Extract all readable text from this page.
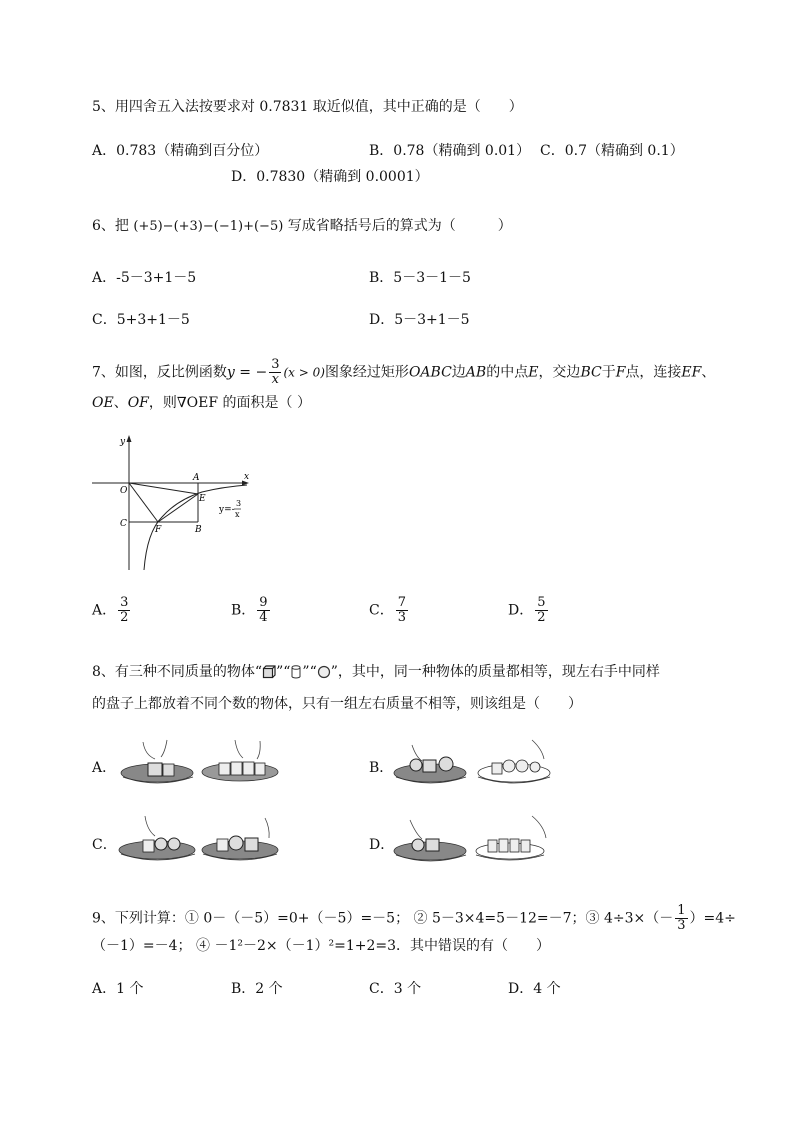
5、用四舍五入法按要求对 0.7831 取近似值，其中正确的是（　　）
A．0.783（精确到百分位）	B．0.78（精确到 0.01） C．0.7（精确到 0.1）
D．0.7830（精确到 0.0001）
6、把 (+5)−(+3)−(−1)+(−5) 写成省略括号后的算式为（　　　）
A．-5－3+1－5	B．5－3－1－5
C．5+3+1－5	D．5－3+1－5
7、如图，反比例函数y = − $\frac{3}{x} (x > 0)$图象经过矩形OABC边AB的中点E，交边BC于F点，连接EF、
OE、OF，则∇OEF 的面积是（ ）
y
x
O
A
E
C
F	B
y=-
3
x
A． $\frac{3}{2}$	B． $\frac{9}{4}$	C． $\frac{7}{3}$	D． $\frac{5}{2}$
8、有三种不同质量的物体“ ”“ ”“ ”，其中，同一种物体的质量都相等，现左右手中同样
的盘子上都放着不同个数的物体，只有一组左右质量不相等，则该组是（　　）
A．	B．
C．	D．
9、下列计算：① 0－（－5）=0+（－5）=－5； ② 5－3×4=5－12=－7；③ $4\div 3\times(- \frac{1}{3} )=4\div$
（－1）=－4； ④ －1²－2×（－1）²=1+2=3．其中错误的有（　　）
A．1 个	B．2 个	C．3 个	D．4 个
